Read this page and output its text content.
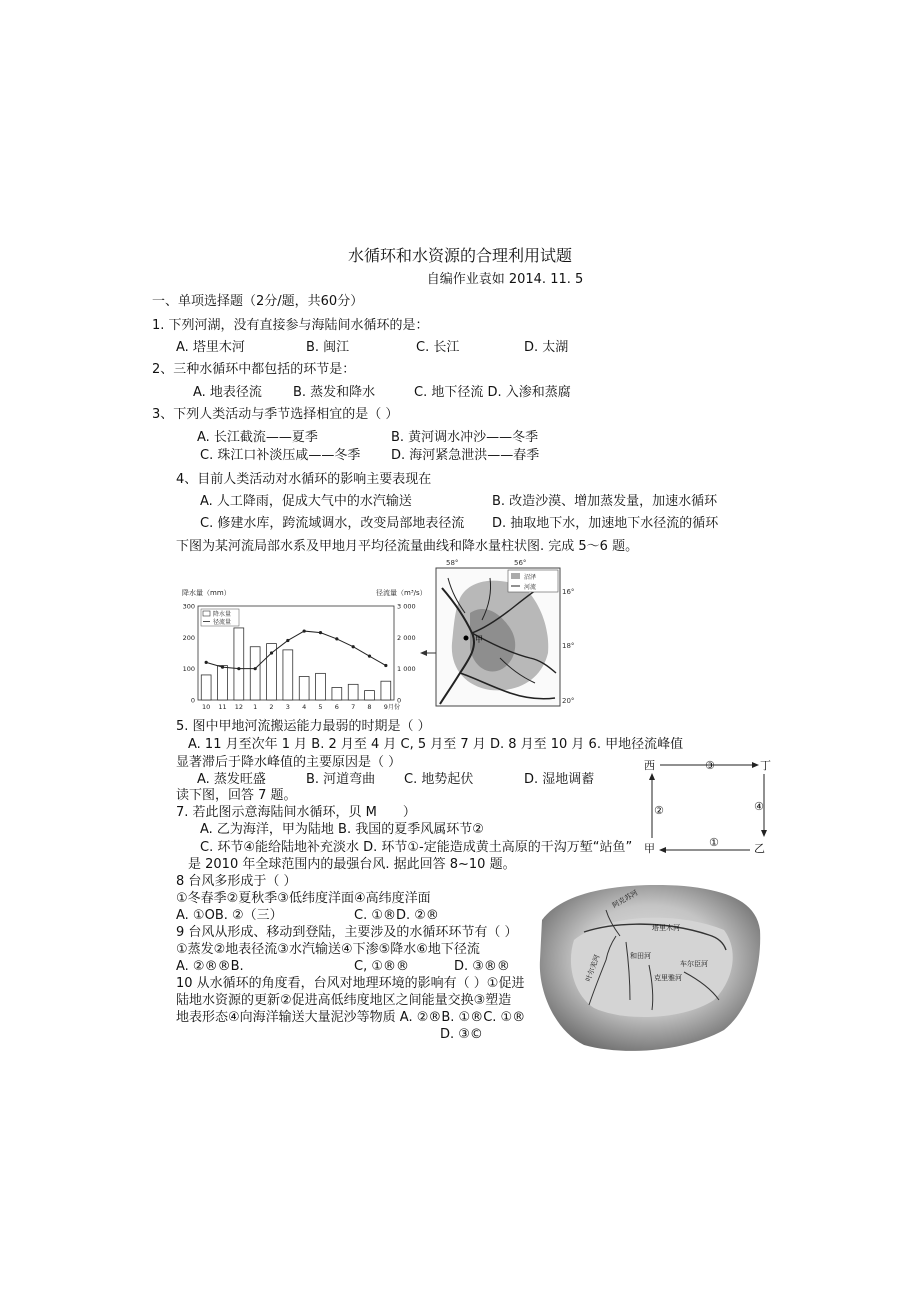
水循环和水资源的合理利用试题
自编作业袁如 2014. 11. 5
一、单项选择题（2分/题，共60分）
1. 下列河湖，没有直接参与海陆间水循环的是：
A. 塔里木河	B. 闽江	C. 长江	D. 太湖
2、三种水循环中都包括的环节是：
A. 地表径流 B. 蒸发和降水	C. 地下径流 D. 入渗和蒸腐
3、下列人类活动与季节选择相宜的是（ ）
A. 长江截流——夏季	B. 黄河调水冲沙——冬季
C. 珠江口补淡压咸——冬季 D. 海河紧急泄洪——春季
4、目前人类活动对水循环的影响主要表现在
A. 人工降雨，促成大气中的水汽输送	B. 改造沙漠、增加蒸发量，加速水循环
C. 修建水库，跨流域调水，改变局部地表径流 D. 抽取地下水，加速地下水径流的循环
下图为某河流局部水系及甲地月平均径流量曲线和降水量柱状图. 完成 5～6 题。
降水量（mm）	径流量（m³/s）
0
100
200
300
0
1 000
2 000
3 000
10 11 12 1 2 3 4 5 6 7 8 9 月份
降水量
径流量
58°	56°
甲
沼泽
河流
16°
18°
20°
5. 图中甲地河流搬运能力最弱的时期是（ ）
A. 11 月至次年 1 月 B. 2 月至 4 月 C, 5 月至 7 月 D. 8 月至 10 月 6. 甲地径流峰值
显著滞后于降水峰值的主要原因是（ ）
A. 蒸发旺盛	B. 河道弯曲 C. 地势起伏	D. 湿地调蓄
读下图，回答 7 题。
西	丁
甲	乙
③
④
①
②
7. 若此图示意海陆间水循环，贝 M　　）
A. 乙为海洋，甲为陆地 B. 我国的夏季风属环节②
C. 环节④能给陆地补充淡水 D. 环节①-定能造成黄土高原的干沟万堑“站鱼”
是 2010 年全球范围内的最强台风. 据此回答 8~10 题。
8 台风多形成于（ ）
①冬春季②夏秋季③低纬度洋面④高纬度洋面
A. ①OB. ②（三）	C. ①®D. ②®
9 台风从形成、移动到登陆，主要涉及的水循环环节有（ ）
①蒸发②地表径流③水汽输送④下渗⑤降水⑥地下径流
A. ②®®B.	C, ①®®	D. ③®®
10 从水循环的角度看，台风对地理环境的影响有（ ）①促进
陆地水资源的更新②促进高低纬度地区之间能量交换③塑造
地表形态④向海洋输送大量泥沙等物质 A. ②®B. ①®C. ①®
D. ③©
阿克苏河
塔里木河
和田河
叶尔羌河	克里雅河
车尔臣河
